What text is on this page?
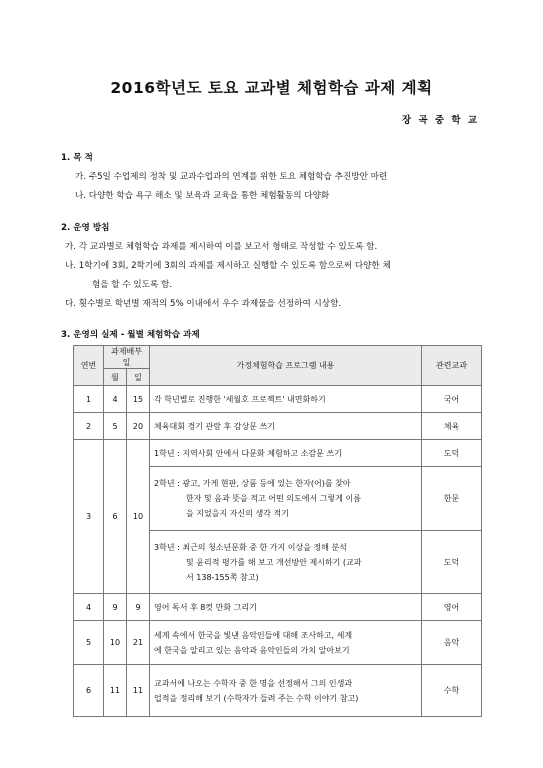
2016학년도 토요 교과별 체험학습 과제 계획
장 곡 중 학 교
1. 목 적
가. 주5일 수업제의 정착 및 교과수업과의 연계를 위한 토요 체험학습 추진방안 마련
나. 다양한 학습 욕구 해소 및 보육과 교육을 통한 체험활동의 다양화
2. 운영 방침
가. 각 교과별로 체험학습 과제를 제시하여 이를 보고서 형태로 작성할 수 있도록 함.
나. 1학기에 3회, 2학기에 3회의 과제를 제시하고 실행할 수 있도록 함으로써 다양한 체
험을 할 수 있도록 함.
다. 횟수별로 학년별 재적의 5% 이내에서 우수 과제물을 선정하여 시상함.
3. 운영의 실제 - 월별 체험학습 과제
연번	과제배부일		가정체험학습 프로그램 내용	관련교과
	월	일		
1	4	15	각 학년별로 진행한 '세월호 프로젝트' 내면화하기	국어
2	5	20	체육대회 경기 관람 후 감상문 쓰기	체육
3	6	10	1학년 : 지역사회 안에서 다문화 체험하고 소감문 쓰기	도덕

			2학년 : 광고, 가게 현판, 상품 등에 있는 한자(어)를 찾아
한자 및 음과 뜻을 적고 어떤 의도에서 그렇게 이름
을 지었을지 자신의 생각 적기	한문

			3학년 : 최근의 청소년문화 중 한 가지 이상을 정해 분석
및 윤리적 평가를 해 보고 개선방안 제시하기 (교과
서 138-155쪽 참고)	도덕
4	9	9	영어 독서 후 8컷 만화 그리기	영어
5	10	21	세계 속에서 한국을 빛낸 음악인들에 대해 조사하고, 세계
에 한국을 알리고 있는 음악과 음악인들의 가치 알아보기	음악
6	11	11	교과서에 나오는 수학자 중 한 명을 선정해서 그의 인생과
업적을 정리해 보기 (수학자가 들려 주는 수학 이야기 참고)	수학
